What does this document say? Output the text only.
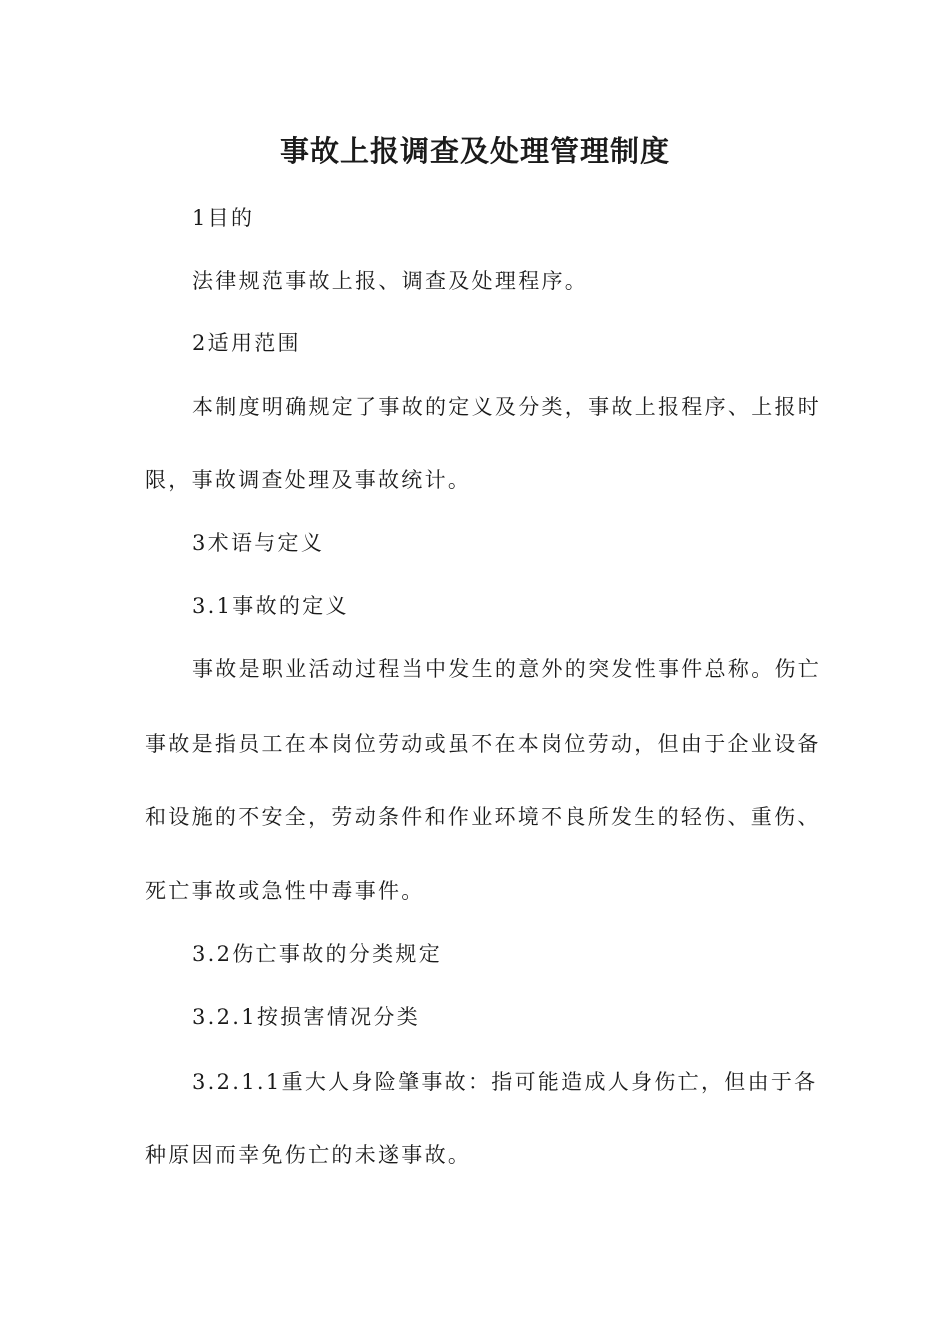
事故上报调查及处理管理制度
1目的
法律规范事故上报、调查及处理程序。
2适用范围
本制度明确规定了事故的定义及分类，事故上报程序、上报时
限，事故调查处理及事故统计。
3术语与定义
3.1事故的定义
事故是职业活动过程当中发生的意外的突发性事件总称。伤亡
事故是指员工在本岗位劳动或虽不在本岗位劳动，但由于企业设备
和设施的不安全，劳动条件和作业环境不良所发生的轻伤、重伤、
死亡事故或急性中毒事件。
3.2伤亡事故的分类规定
3.2.1按损害情况分类
3.2.1.1重大人身险肇事故：指可能造成人身伤亡，但由于各
种原因而幸免伤亡的未遂事故。
